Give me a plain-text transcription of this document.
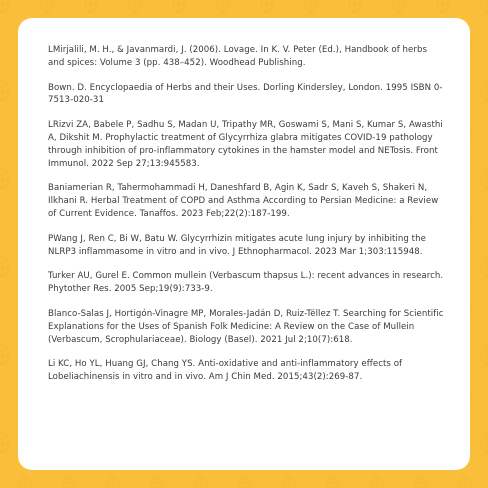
LMirjalili, M. H., & Javanmardi, J. (2006). Lovage. In K. V. Peter (Ed.), Handbook of herbs and spices: Volume 3 (pp. 438–452). Woodhead Publishing.

Bown. D. Encyclopaedia of Herbs and their Uses. Dorling Kindersley, London. 1995 ISBN 0-7513-020-31

LRizvi ZA, Babele P, Sadhu S, Madan U, Tripathy MR, Goswami S, Mani S, Kumar S, Awasthi A, Dikshit M. Prophylactic treatment of Glycyrrhiza glabra mitigates COVID-19 pathology through inhibition of pro-inflammatory cytokines in the hamster model and NETosis. Front Immunol. 2022 Sep 27;13:945583.

Baniamerian R, Tahermohammadi H, Daneshfard B, Agin K, Sadr S, Kaveh S, Shakeri N, Ilkhani R. Herbal Treatment of COPD and Asthma According to Persian Medicine: a Review of Current Evidence. Tanaffos. 2023 Feb;22(2):187-199.

PWang J, Ren C, Bi W, Batu W. Glycyrrhizin mitigates acute lung injury by inhibiting the NLRP3 inflammasome in vitro and in vivo. J Ethnopharmacol. 2023 Mar 1;303:115948.

Turker AU, Gurel E. Common mullein (Verbascum thapsus L.): recent advances in research. Phytother Res. 2005 Sep;19(9):733-9.

Blanco-Salas J, Hortigón-Vinagre MP, Morales-Jadán D, Ruiz-Téllez T. Searching for Scientific Explanations for the Uses of Spanish Folk Medicine: A Review on the Case of Mullein (Verbascum, Scrophulariaceae). Biology (Basel). 2021 Jul 2;10(7):618.

Li KC, Ho YL, Huang GJ, Chang YS. Anti-oxidative and anti-inflammatory effects of Lobeliachinensis in vitro and in vivo. Am J Chin Med. 2015;43(2):269-87.
